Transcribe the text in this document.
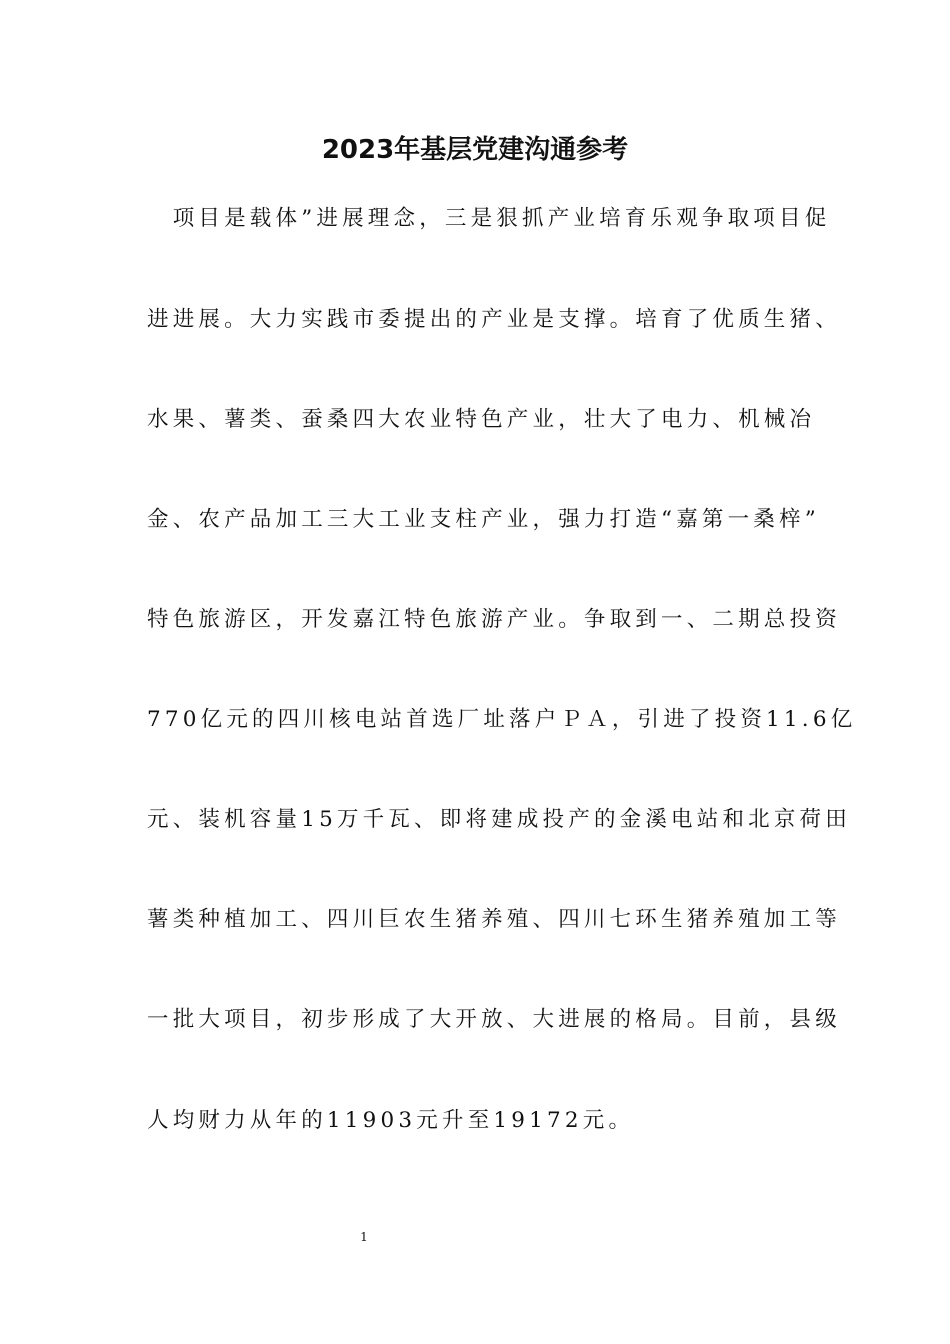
2023年基层党建沟通参考
　项目是载体”进展理念，三是狠抓产业培育乐观争取项目促
进进展。大力实践市委提出的产业是支撑。培育了优质生猪、
水果、薯类、蚕桑四大农业特色产业，壮大了电力、机械冶
金、农产品加工三大工业支柱产业，强力打造“嘉第一桑梓”
特色旅游区，开发嘉江特色旅游产业。争取到一、二期总投资
770亿元的四川核电站首选厂址落户ＰＡ，引进了投资11.6亿
元、装机容量15万千瓦、即将建成投产的金溪电站和北京荷田
薯类种植加工、四川巨农生猪养殖、四川七环生猪养殖加工等
一批大项目，初步形成了大开放、大进展的格局。目前，县级
人均财力从年的11903元升至19172元。
1
